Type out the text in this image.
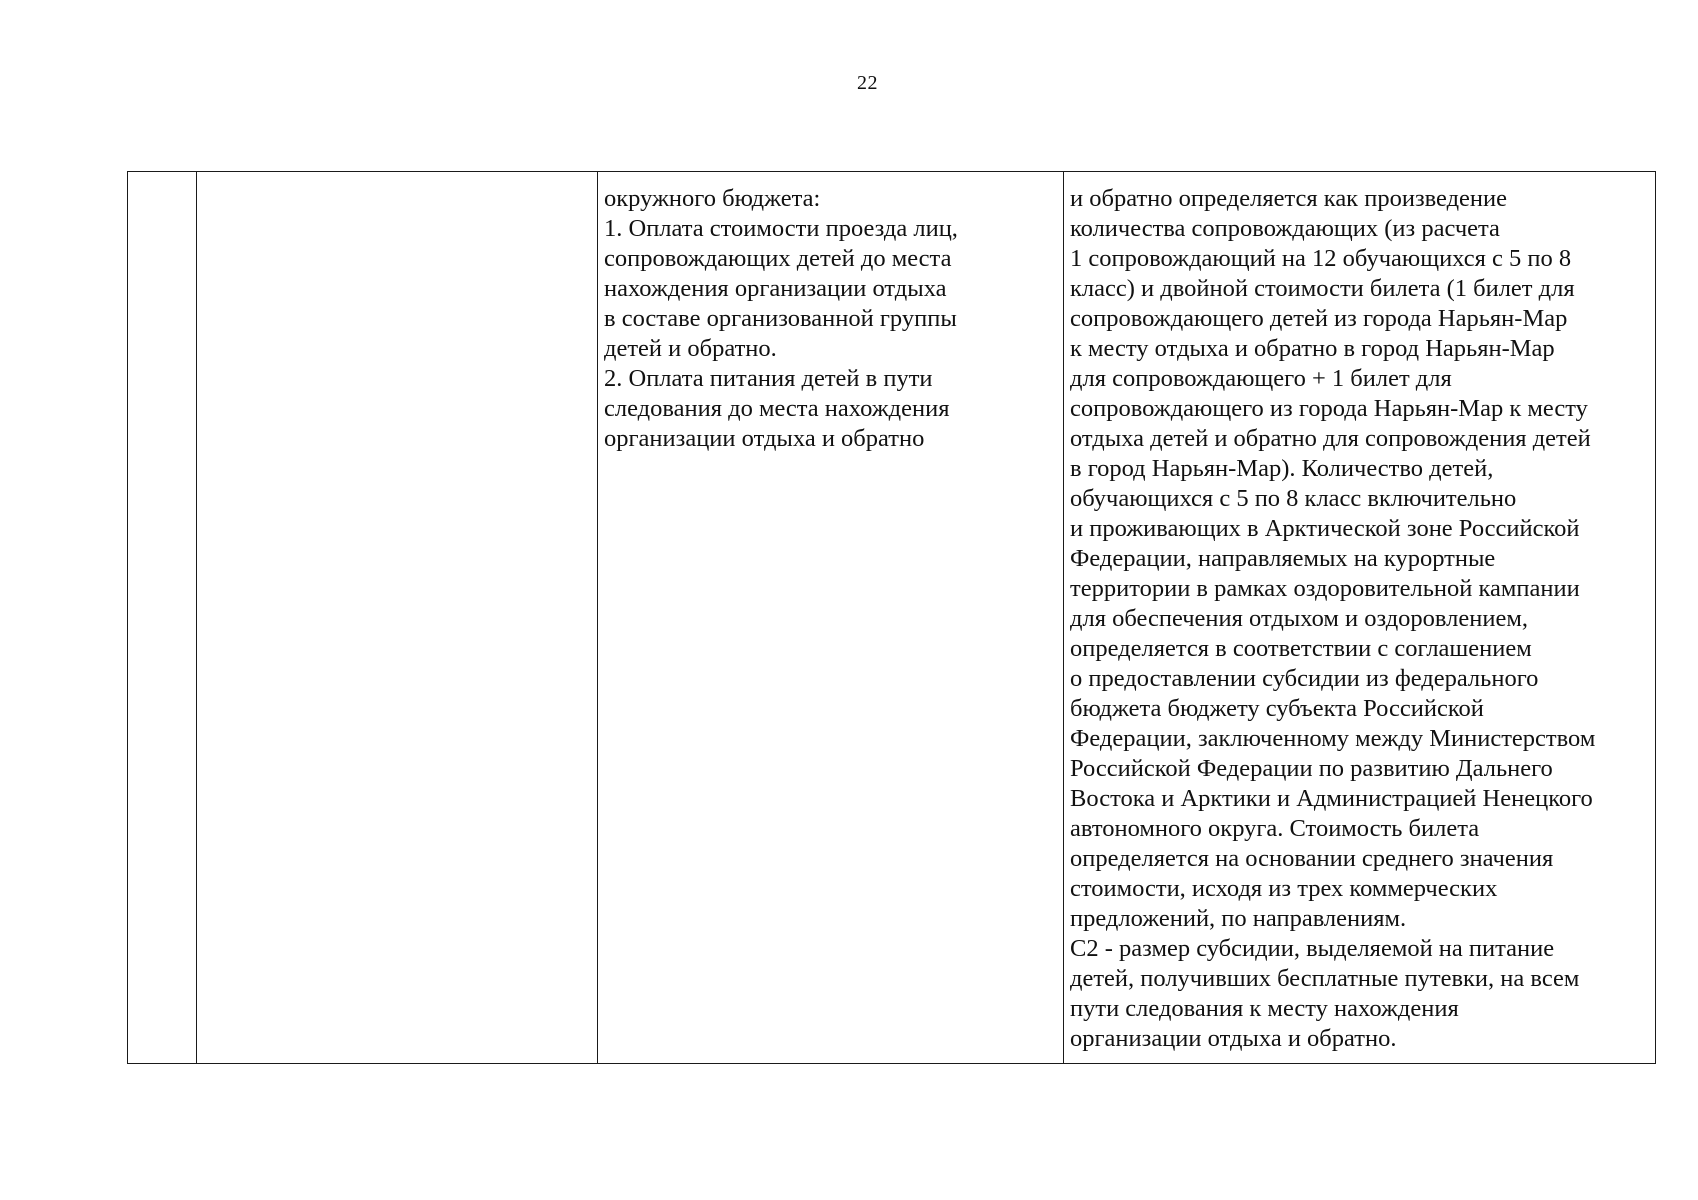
22

окружного бюджета:
1. Оплата стоимости проезда лиц,
сопровождающих детей до места
нахождения организации отдыха
в составе организованной группы
детей и обратно.
2. Оплата питания детей в пути
следования до места нахождения
организации отдыха и обратно

и обратно определяется как произведение
количества сопровождающих (из расчета
1 сопровождающий на 12 обучающихся с 5 по 8
класс) и двойной стоимости билета (1 билет для
сопровождающего детей из города Нарьян-Мар
к месту отдыха и обратно в город Нарьян-Мар
для сопровождающего + 1 билет для
сопровождающего из города Нарьян-Мар к месту
отдыха детей и обратно для сопровождения детей
в город Нарьян-Мар). Количество детей,
обучающихся с 5 по 8 класс включительно
и проживающих в Арктической зоне Российской
Федерации, направляемых на курортные
территории в рамках оздоровительной кампании
для обеспечения отдыхом и оздоровлением,
определяется в соответствии с соглашением
о предоставлении субсидии из федерального
бюджета бюджету субъекта Российской
Федерации, заключенному между Министерством
Российской Федерации по развитию Дальнего
Востока и Арктики и Администрацией Ненецкого
автономного округа. Стоимость билета
определяется на основании среднего значения
стоимости, исходя из трех коммерческих
предложений, по направлениям.
С2 - размер субсидии, выделяемой на питание
детей, получивших бесплатные путевки, на всем
пути следования к месту нахождения
организации отдыха и обратно.
